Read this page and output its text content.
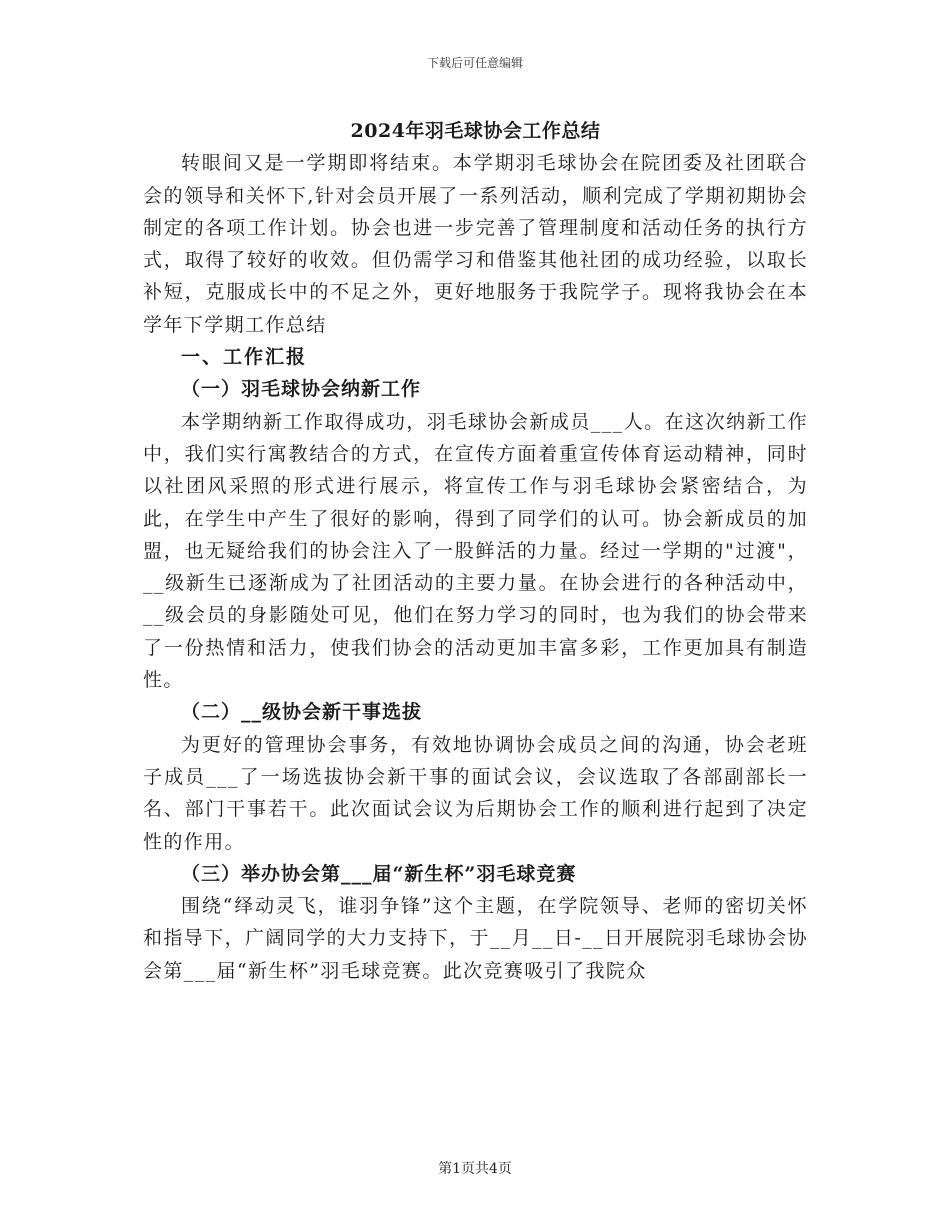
下载后可任意编辑

2024年羽毛球协会工作总结

转眼间又是一学期即将结束。本学期羽毛球协会在院团委及社团联合会的领导和关怀下,针对会员开展了一系列活动，顺利完成了学期初期协会制定的各项工作计划。协会也进一步完善了管理制度和活动任务的执行方式，取得了较好的收效。但仍需学习和借鉴其他社团的成功经验，以取长补短，克服成长中的不足之外，更好地服务于我院学子。现将我协会在本学年下学期工作总结

一、工作汇报

（一）羽毛球协会纳新工作

本学期纳新工作取得成功，羽毛球协会新成员___人。在这次纳新工作中，我们实行寓教结合的方式，在宣传方面着重宣传体育运动精神，同时以社团风采照的形式进行展示，将宣传工作与羽毛球协会紧密结合，为此，在学生中产生了很好的影响，得到了同学们的认可。协会新成员的加盟，也无疑给我们的协会注入了一股鲜活的力量。经过一学期的"过渡"，__级新生已逐渐成为了社团活动的主要力量。在协会进行的各种活动中，__级会员的身影随处可见，他们在努力学习的同时，也为我们的协会带来了一份热情和活力，使我们协会的活动更加丰富多彩，工作更加具有制造性。

（二）__级协会新干事选拔

为更好的管理协会事务，有效地协调协会成员之间的沟通，协会老班子成员___了一场选拔协会新干事的面试会议，会议选取了各部副部长一名、部门干事若干。此次面试会议为后期协会工作的顺利进行起到了决定性的作用。

（三）举办协会第___届“新生杯”羽毛球竞赛

围绕“绎动灵飞，谁羽争锋”这个主题，在学院领导、老师的密切关怀和指导下，广阔同学的大力支持下，于__月__日-__日开展院羽毛球协会协会第___届“新生杯”羽毛球竞赛。此次竞赛吸引了我院众

第1页共4页
